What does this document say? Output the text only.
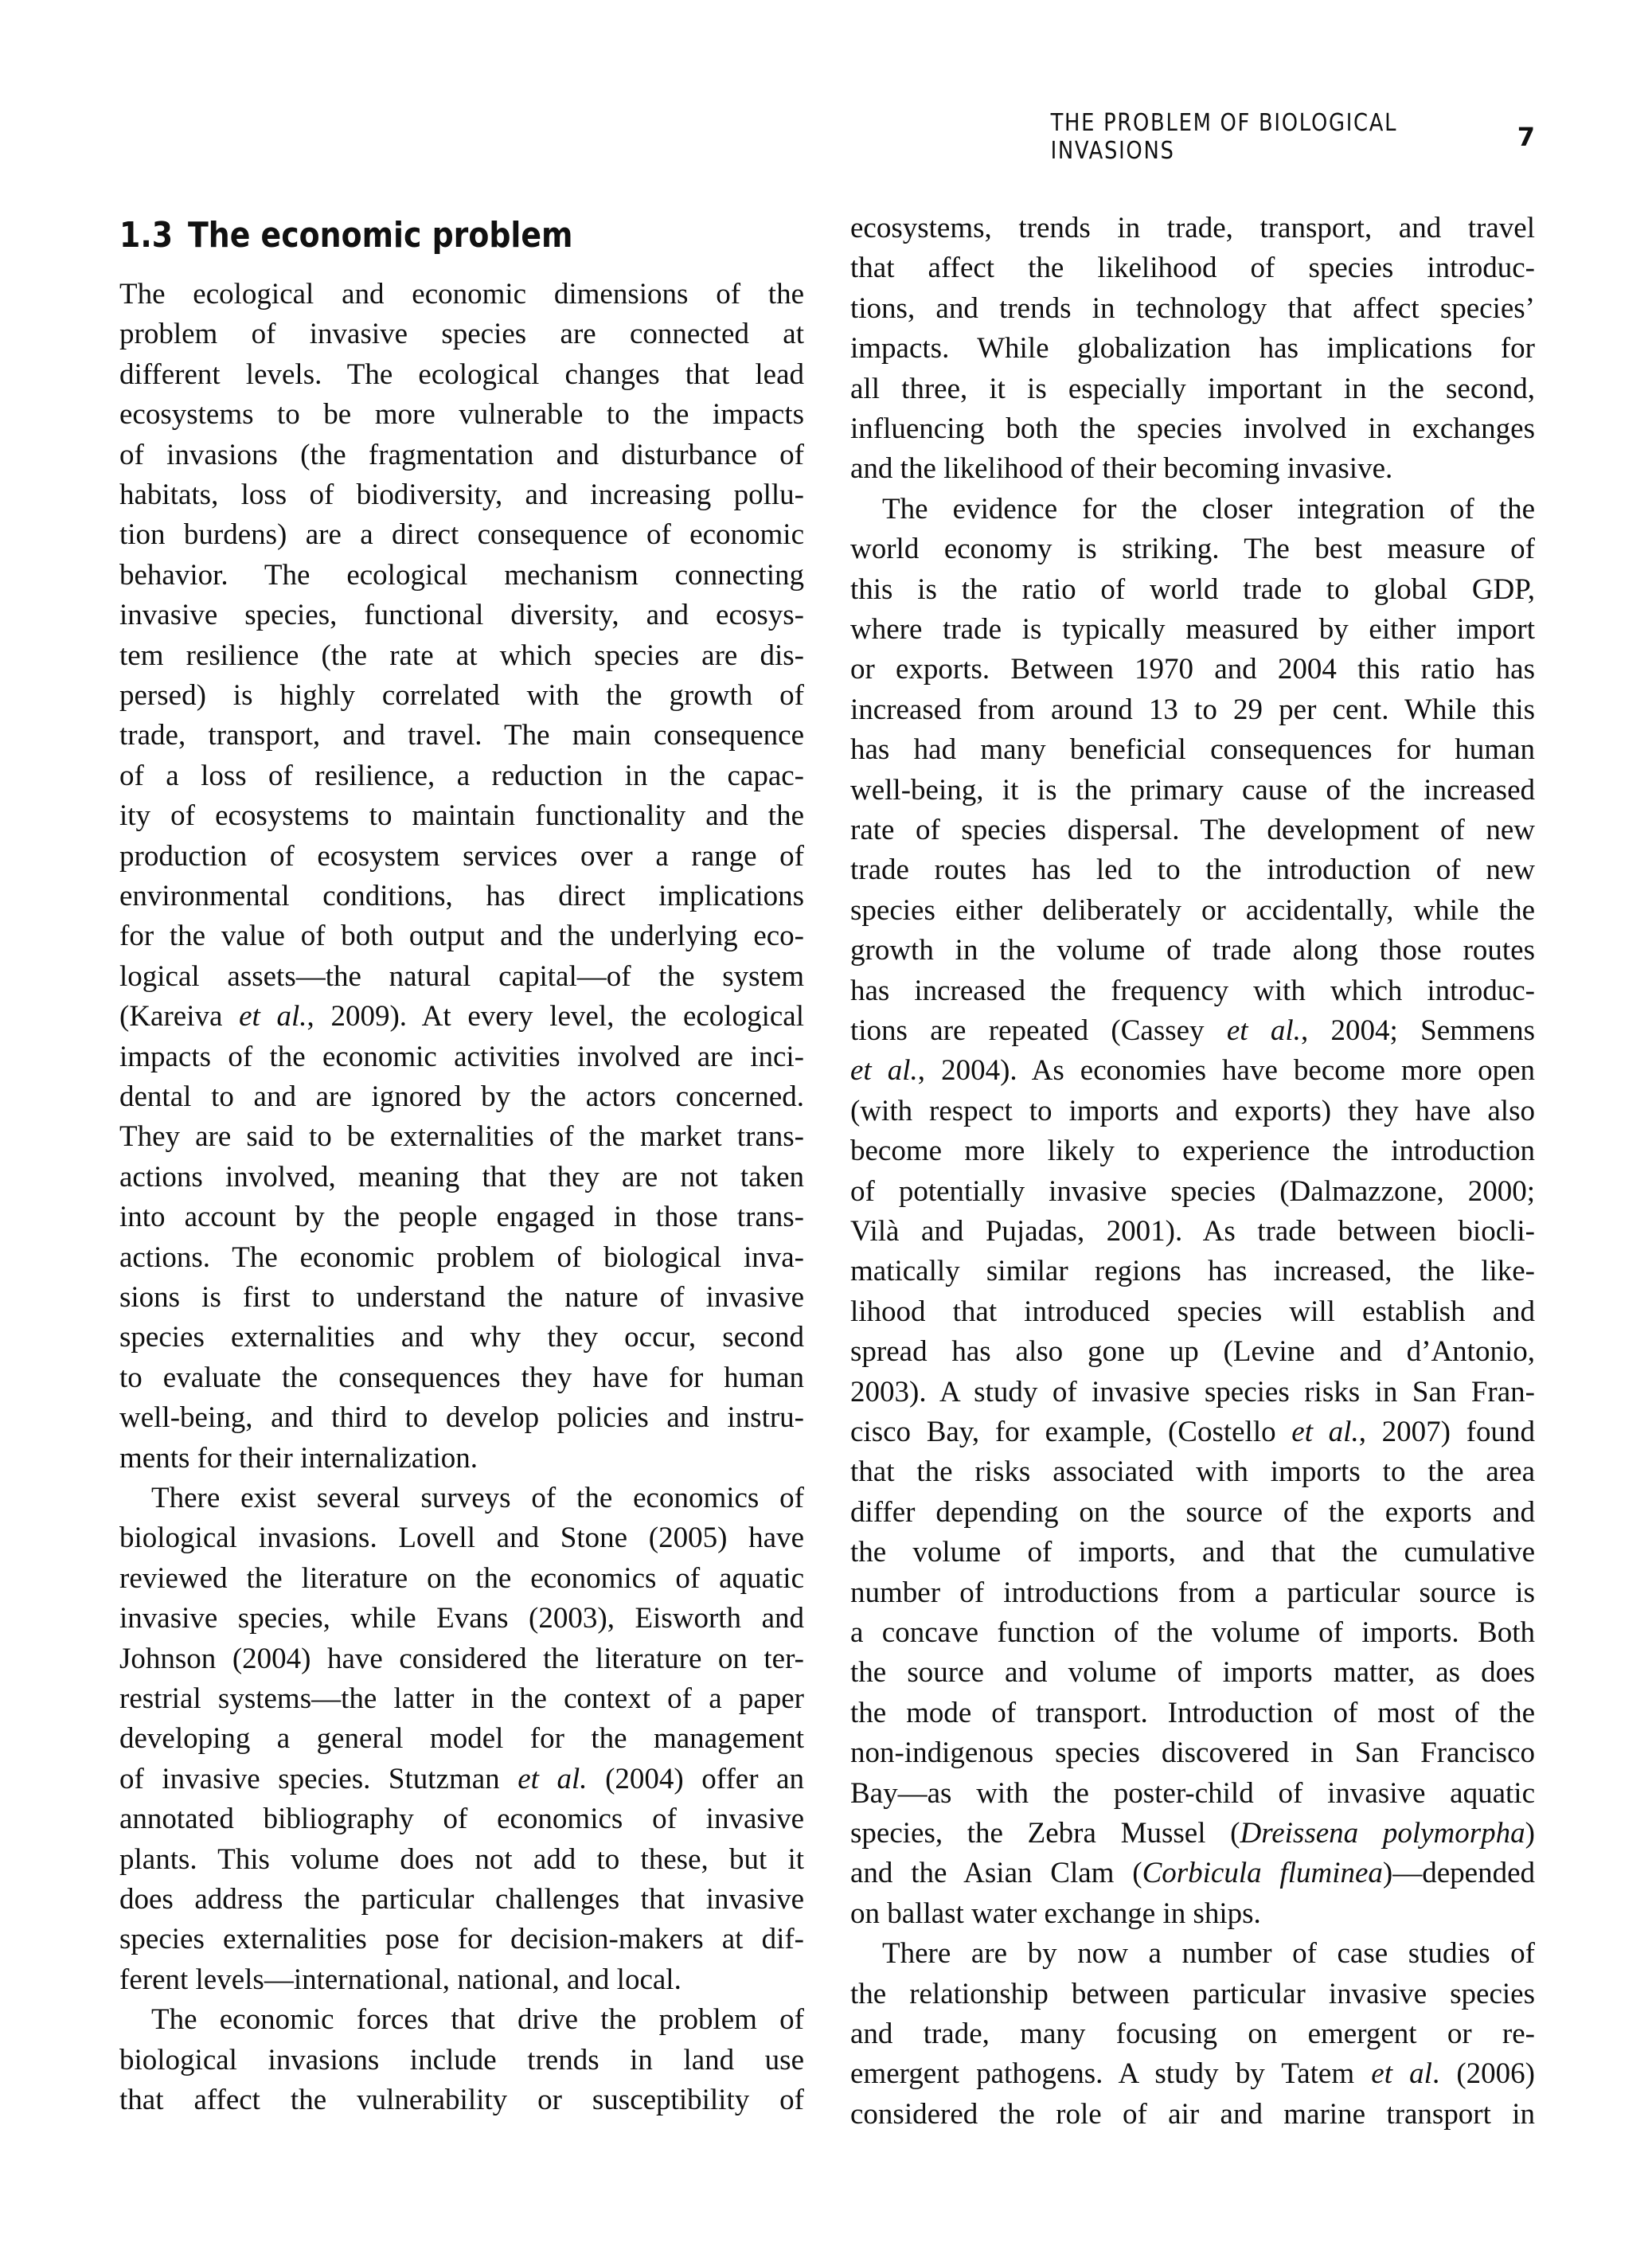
THE PROBLEM OF BIOLOGICAL INVASIONS	7
1.3 The economic problem
The ecological and economic dimensions of the
problem of invasive species are connected at
different levels. The ecological changes that lead
ecosystems to be more vulnerable to the impacts
of invasions (the fragmentation and disturbance of
habitats, loss of biodiversity, and increasing pollu-
tion burdens) are a direct consequence of economic
behavior. The ecological mechanism connecting
invasive species, functional diversity, and ecosys-
tem resilience (the rate at which species are dis-
persed) is highly correlated with the growth of
trade, transport, and travel. The main consequence
of a loss of resilience, a reduction in the capac-
ity of ecosystems to maintain functionality and the
production of ecosystem services over a range of
environmental conditions, has direct implications
for the value of both output and the underlying eco-
logical assets—the natural capital—of the system
(Kareiva et al., 2009). At every level, the ecological
impacts of the economic activities involved are inci-
dental to and are ignored by the actors concerned.
They are said to be externalities of the market trans-
actions involved, meaning that they are not taken
into account by the people engaged in those trans-
actions. The economic problem of biological inva-
sions is first to understand the nature of invasive
species externalities and why they occur, second
to evaluate the consequences they have for human
well-being, and third to develop policies and instru-
ments for their internalization.
There exist several surveys of the economics of
biological invasions. Lovell and Stone (2005) have
reviewed the literature on the economics of aquatic
invasive species, while Evans (2003), Eisworth and
Johnson (2004) have considered the literature on ter-
restrial systems—the latter in the context of a paper
developing a general model for the management
of invasive species. Stutzman et al. (2004) offer an
annotated bibliography of economics of invasive
plants. This volume does not add to these, but it
does address the particular challenges that invasive
species externalities pose for decision-makers at dif-
ferent levels—international, national, and local.
The economic forces that drive the problem of
biological invasions include trends in land use
that affect the vulnerability or susceptibility of
ecosystems, trends in trade, transport, and travel
that affect the likelihood of species introduc-
tions, and trends in technology that affect species’
impacts. While globalization has implications for
all three, it is especially important in the second,
influencing both the species involved in exchanges
and the likelihood of their becoming invasive.
The evidence for the closer integration of the
world economy is striking. The best measure of
this is the ratio of world trade to global GDP,
where trade is typically measured by either import
or exports. Between 1970 and 2004 this ratio has
increased from around 13 to 29 per cent. While this
has had many beneficial consequences for human
well-being, it is the primary cause of the increased
rate of species dispersal. The development of new
trade routes has led to the introduction of new
species either deliberately or accidentally, while the
growth in the volume of trade along those routes
has increased the frequency with which introduc-
tions are repeated (Cassey et al., 2004; Semmens
et al., 2004). As economies have become more open
(with respect to imports and exports) they have also
become more likely to experience the introduction
of potentially invasive species (Dalmazzone, 2000;
Vilà and Pujadas, 2001). As trade between biocli-
matically similar regions has increased, the like-
lihood that introduced species will establish and
spread has also gone up (Levine and d’Antonio,
2003). A study of invasive species risks in San Fran-
cisco Bay, for example, (Costello et al., 2007) found
that the risks associated with imports to the area
differ depending on the source of the exports and
the volume of imports, and that the cumulative
number of introductions from a particular source is
a concave function of the volume of imports. Both
the source and volume of imports matter, as does
the mode of transport. Introduction of most of the
non-indigenous species discovered in San Francisco
Bay—as with the poster-child of invasive aquatic
species, the Zebra Mussel (Dreissena polymorpha)
and the Asian Clam (Corbicula fluminea)—depended
on ballast water exchange in ships.
There are by now a number of case studies of
the relationship between particular invasive species
and trade, many focusing on emergent or re-
emergent pathogens. A study by Tatem et al. (2006)
considered the role of air and marine transport in
